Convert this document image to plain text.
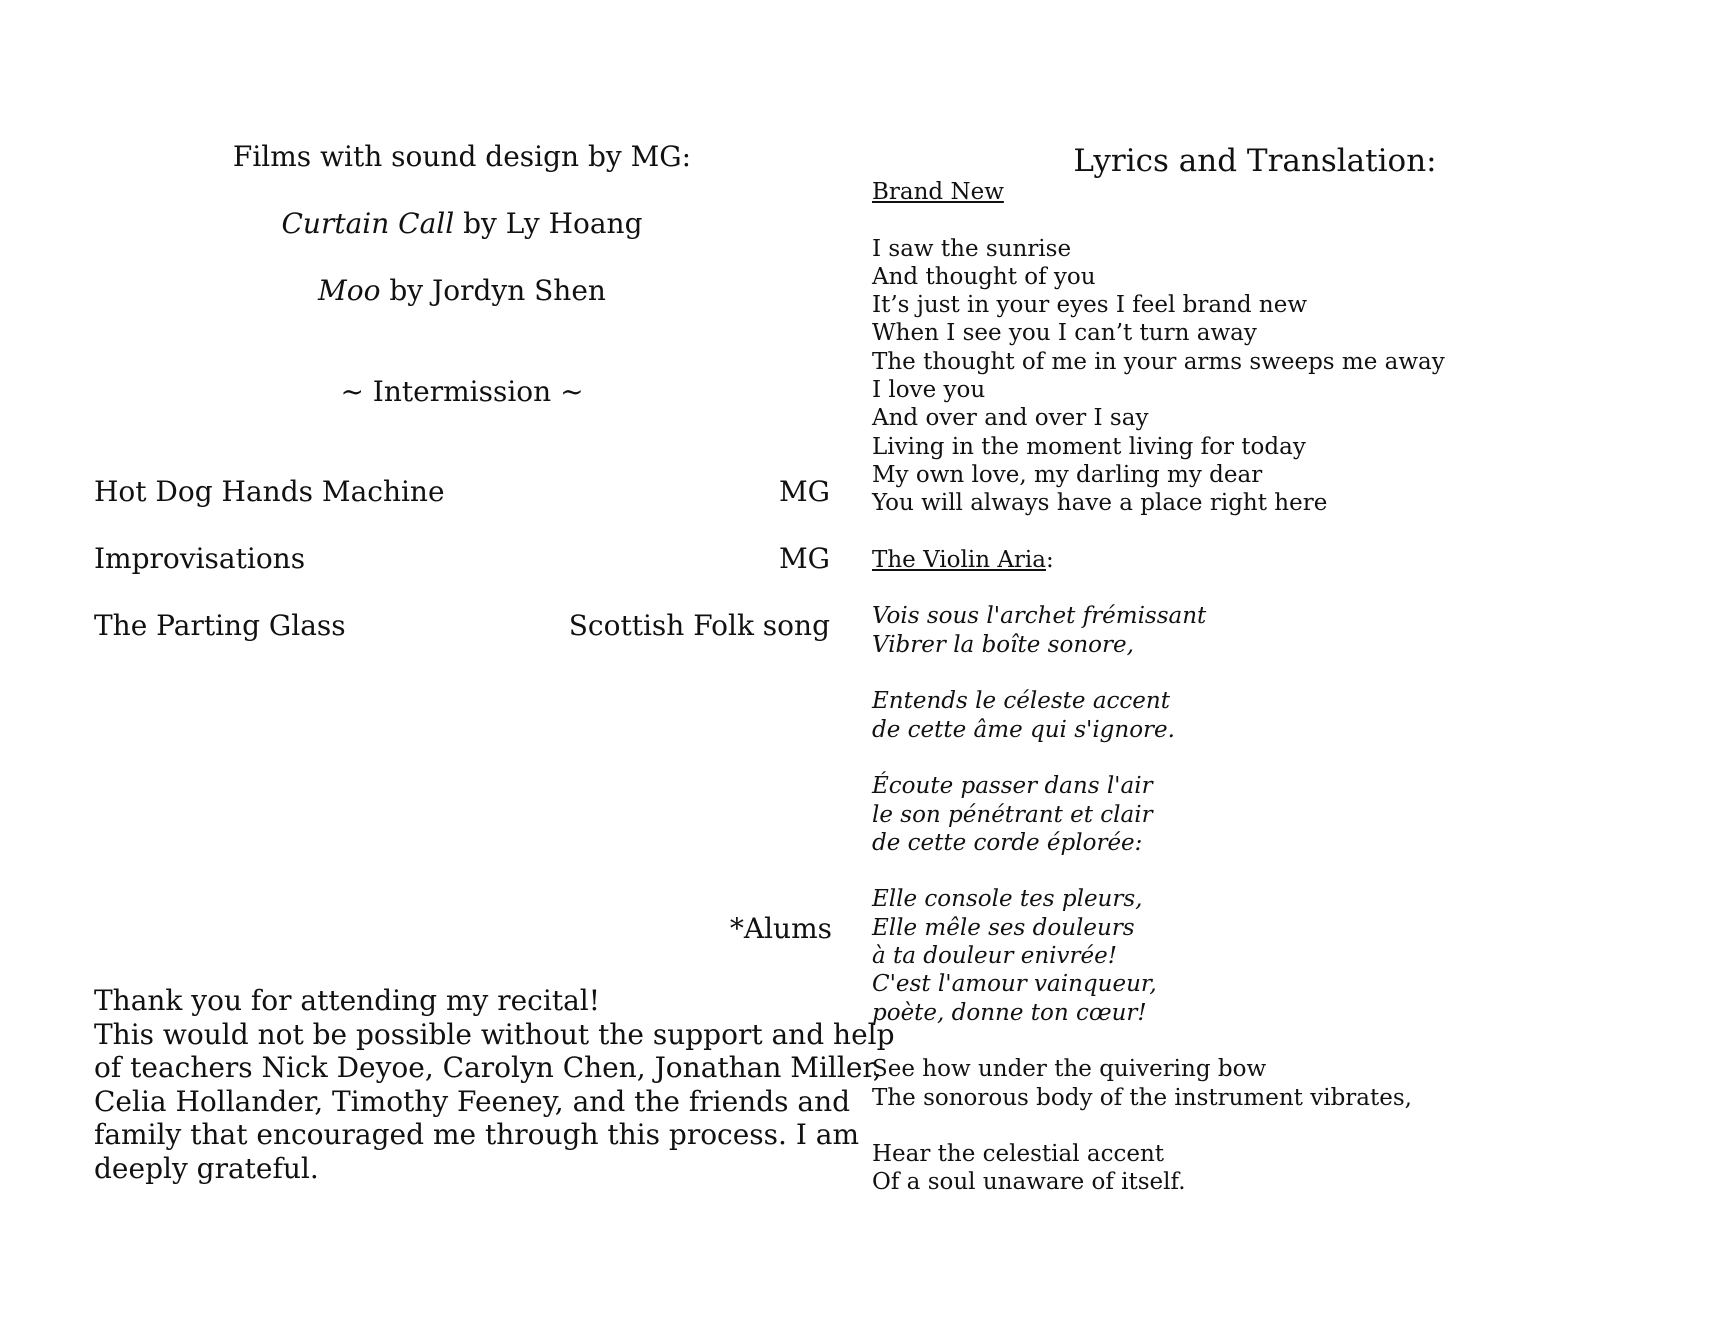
Films with sound design by MG:
Curtain Call by Ly Hoang
Moo by Jordyn Shen
~ Intermission ~
Hot Dog Hands Machine	MG
Improvisations	MG
The Parting Glass	Scottish Folk song
*Alums
Thank you for attending my recital!
This would not be possible without the support and help
of teachers Nick Deyoe, Carolyn Chen, Jonathan Miller,
Celia Hollander, Timothy Feeney, and the friends and
family that encouraged me through this process. I am
deeply grateful.
Lyrics and Translation:
Brand New
I saw the sunrise
And thought of you
It’s just in your eyes I feel brand new
When I see you I can’t turn away
The thought of me in your arms sweeps me away
I love you
And over and over I say
Living in the moment living for today
My own love, my darling my dear
You will always have a place right here
The Violin Aria:
Vois sous l'archet frémissant
Vibrer la boîte sonore,
Entends le céleste accent
de cette âme qui s'ignore.
Écoute passer dans l'air
le son pénétrant et clair
de cette corde éplorée:
Elle console tes pleurs,
Elle mêle ses douleurs
à ta douleur enivrée!
C'est l'amour vainqueur,
poète, donne ton cœur!
See how under the quivering bow
The sonorous body of the instrument vibrates,
Hear the celestial accent
Of a soul unaware of itself.
